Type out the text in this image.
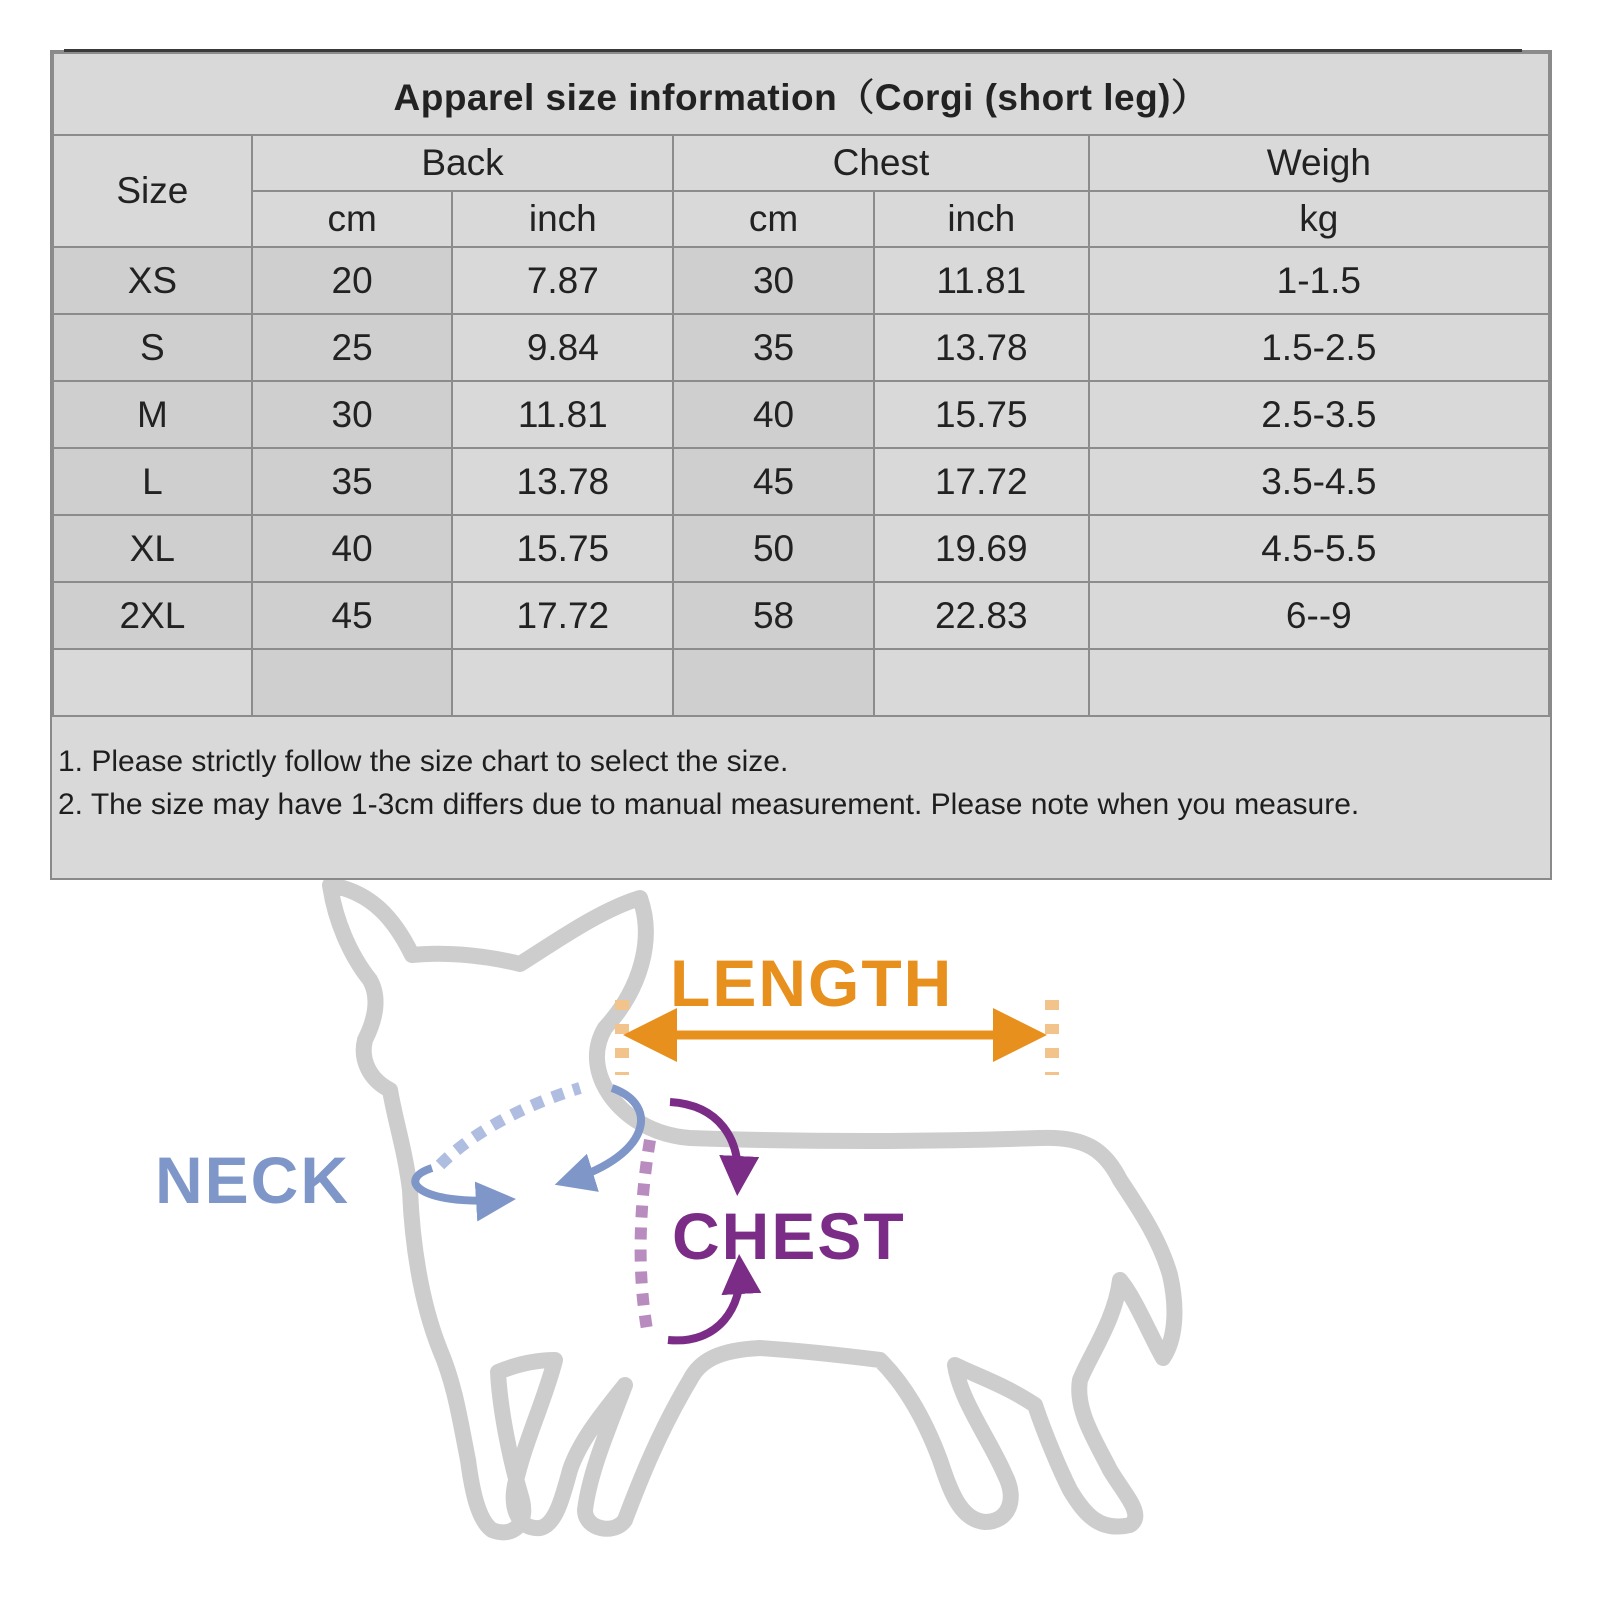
Apparel size information（Corgi (short leg)）					
Size	Back		Chest		Weigh
	cm	inch	cm	inch	kg
XS	20	7.87	30	11.81	1-1.5
S	25	9.84	35	13.78	1.5-2.5
M	30	11.81	40	15.75	2.5-3.5
L	35	13.78	45	17.72	3.5-4.5
XL	40	15.75	50	19.69	4.5-5.5
2XL	45	17.72	58	22.83	6--9

1. Please strictly follow the size chart to select the size.
2. The size may have 1-3cm differs due to manual measurement. Please note when you measure.
LENGTH
NECK
CHEST
